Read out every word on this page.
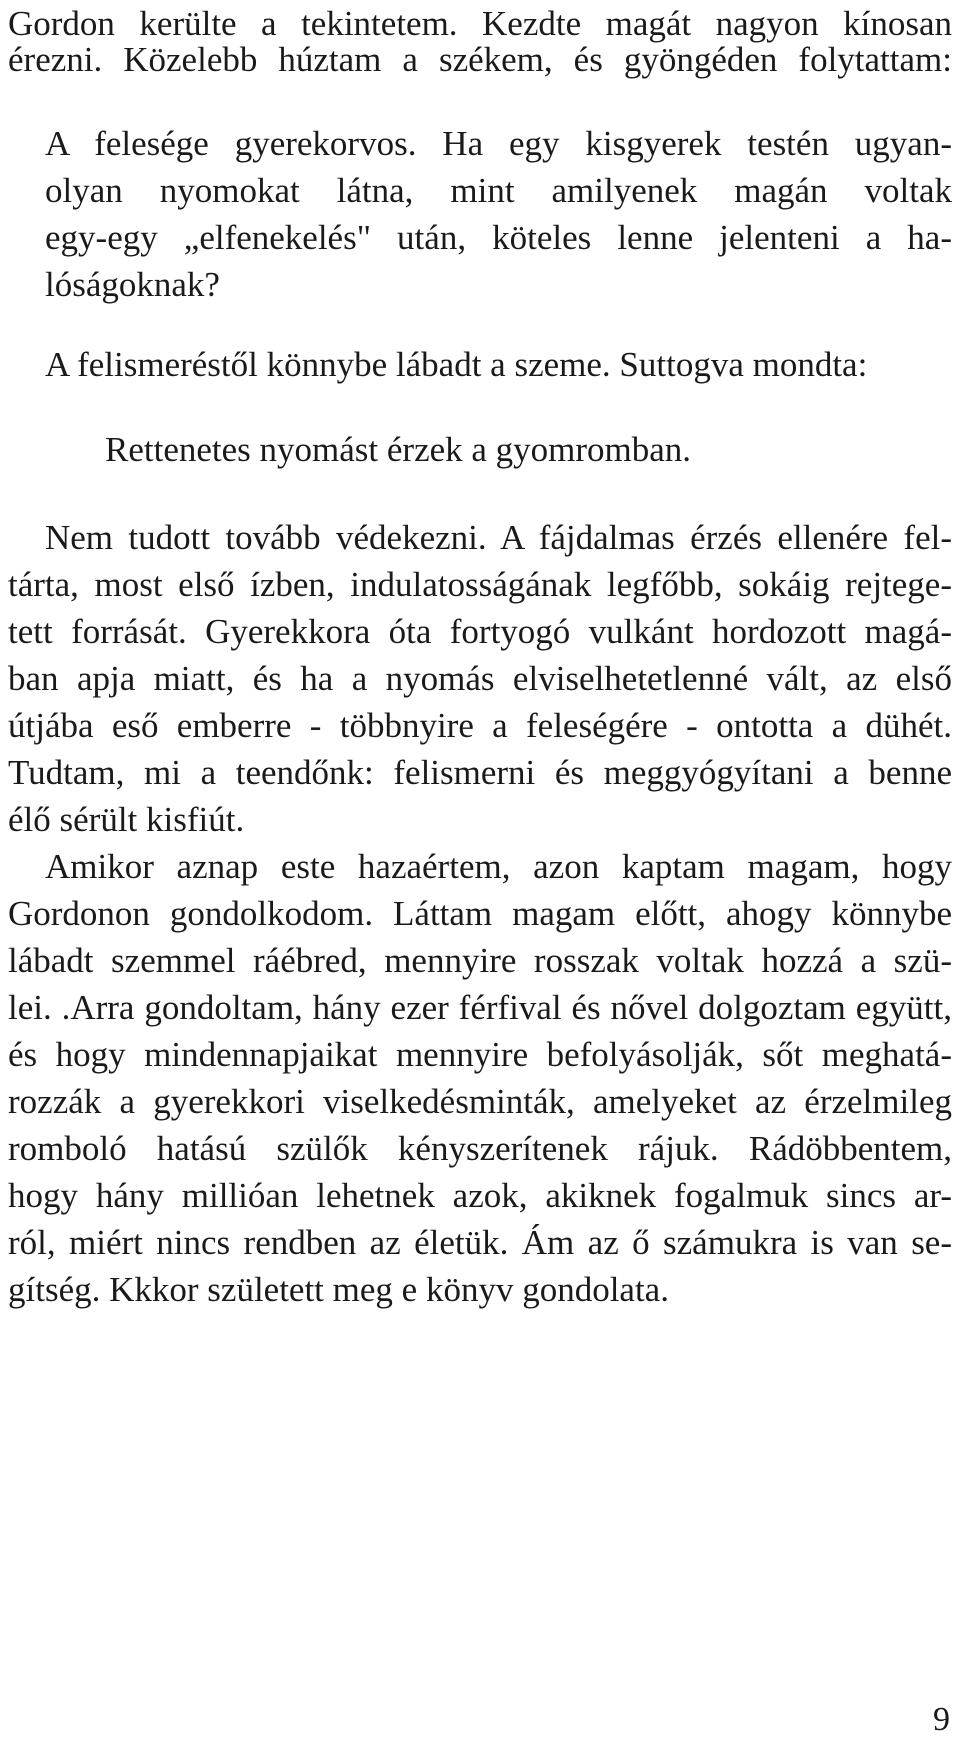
Gordon kerülte a tekintetem. Kezdte magát nagyon kínosan

érezni. Közelebb húztam a székem, és gyöngéden folytattam:

A felesége gyerekorvos. Ha egy kisgyerek testén ugyan-

olyan nyomokat látna, mint amilyenek magán voltak

egy-egy „elfenekelés" után, köteles lenne jelenteni a ha-

lóságoknak?

A felismeréstől könnybe lábadt a szeme. Suttogva mondta:

Rettenetes nyomást érzek a gyomromban.

Nem tudott tovább védekezni. A fájdalmas érzés ellenére fel-

tárta, most első ízben, indulatosságának legfőbb, sokáig rejtege-

tett forrását. Gyerekkora óta fortyogó vulkánt hordozott magá-

ban apja miatt, és ha a nyomás elviselhetetlenné vált, az első

útjába eső emberre - többnyire a feleségére - ontotta a dühét.

Tudtam, mi a teendőnk: felismerni és meggyógyítani a benne

élő sérült kisfiút.

Amikor aznap este hazaértem, azon kaptam magam, hogy

Gordonon gondolkodom. Láttam magam előtt, ahogy könnybe

lábadt szemmel ráébred, mennyire rosszak voltak hozzá a szü-

lei. .Arra gondoltam, hány ezer férfival és nővel dolgoztam együtt,

és hogy mindennapjaikat mennyire befolyásolják, sőt meghatá-

rozzák a gyerekkori viselkedésminták, amelyeket az érzelmileg

romboló hatású szülők kényszerítenek rájuk. Rádöbbentem,

hogy hány millióan lehetnek azok, akiknek fogalmuk sincs ar-

ról, miért nincs rendben az életük. Ám az ő számukra is van se-

gítség. Kkkor született meg e könyv gondolata.

9
